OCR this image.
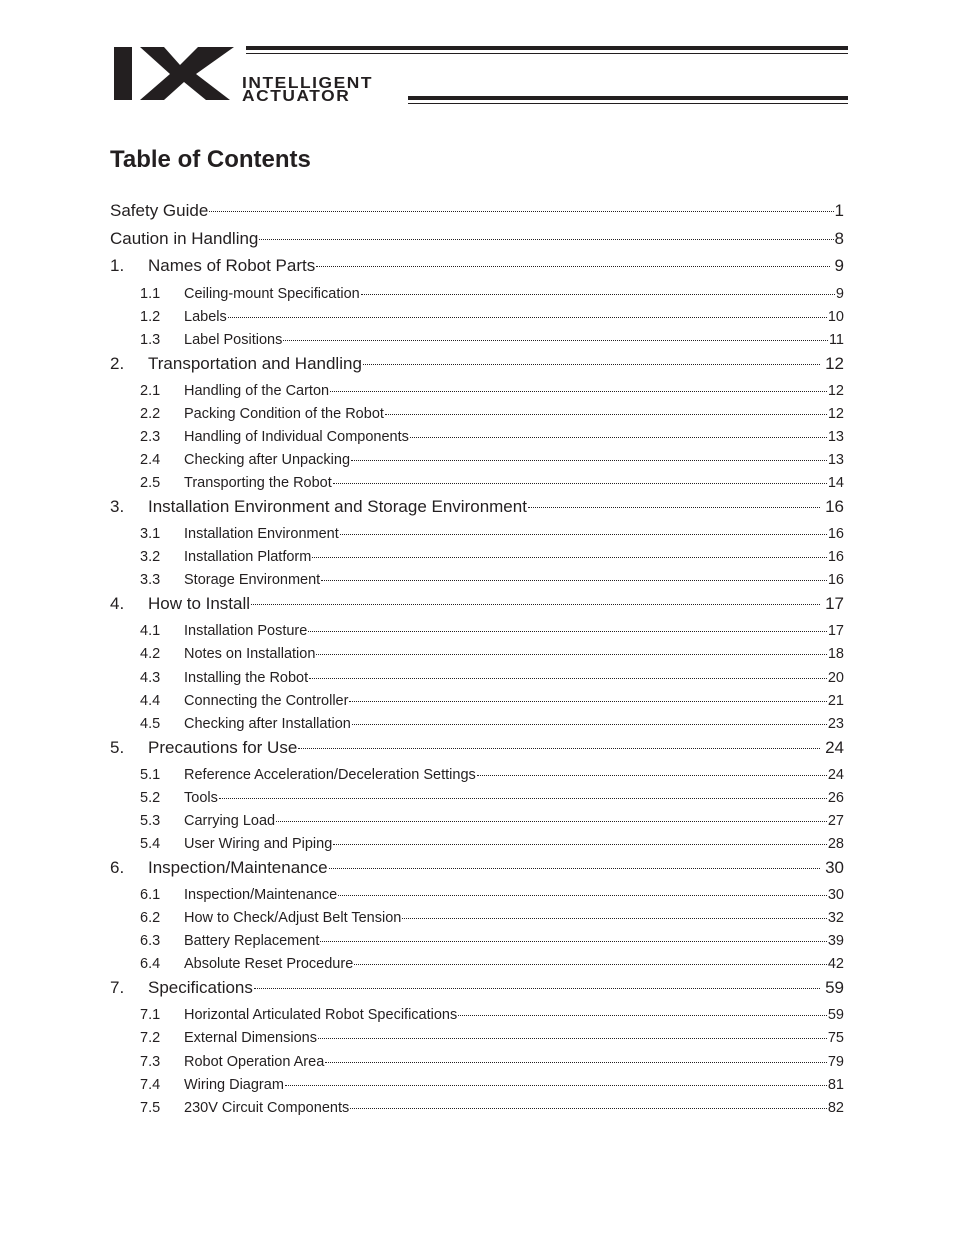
INTELLIGENT
ACTUATOR
Table of Contents
Safety Guide	1
Caution in Handling	8
1.	Names of Robot Parts	9
1.1	Ceiling-mount Specification	9
1.2	Labels	10
1.3	Label Positions	11
2.	Transportation and Handling	12
2.1	Handling of the Carton	12
2.2	Packing Condition of the Robot	12
2.3	Handling of Individual Components	13
2.4	Checking after Unpacking	13
2.5	Transporting the Robot	14
3.	Installation Environment and Storage Environment	16
3.1	Installation Environment	16
3.2	Installation Platform	16
3.3	Storage Environment	16
4.	How to Install	17
4.1	Installation Posture	17
4.2	Notes on Installation	18
4.3	Installing the Robot	20
4.4	Connecting the Controller	21
4.5	Checking after Installation	23
5.	Precautions for Use	24
5.1	Reference Acceleration/Deceleration Settings	24
5.2	Tools	26
5.3	Carrying Load	27
5.4	User Wiring and Piping	28
6.	Inspection/Maintenance	30
6.1	Inspection/Maintenance	30
6.2	How to Check/Adjust Belt Tension	32
6.3	Battery Replacement	39
6.4	Absolute Reset Procedure	42
7.	Specifications	59
7.1	Horizontal Articulated Robot Specifications	59
7.2	External Dimensions	75
7.3	Robot Operation Area	79
7.4	Wiring Diagram	81
7.5	230V Circuit Components	82
